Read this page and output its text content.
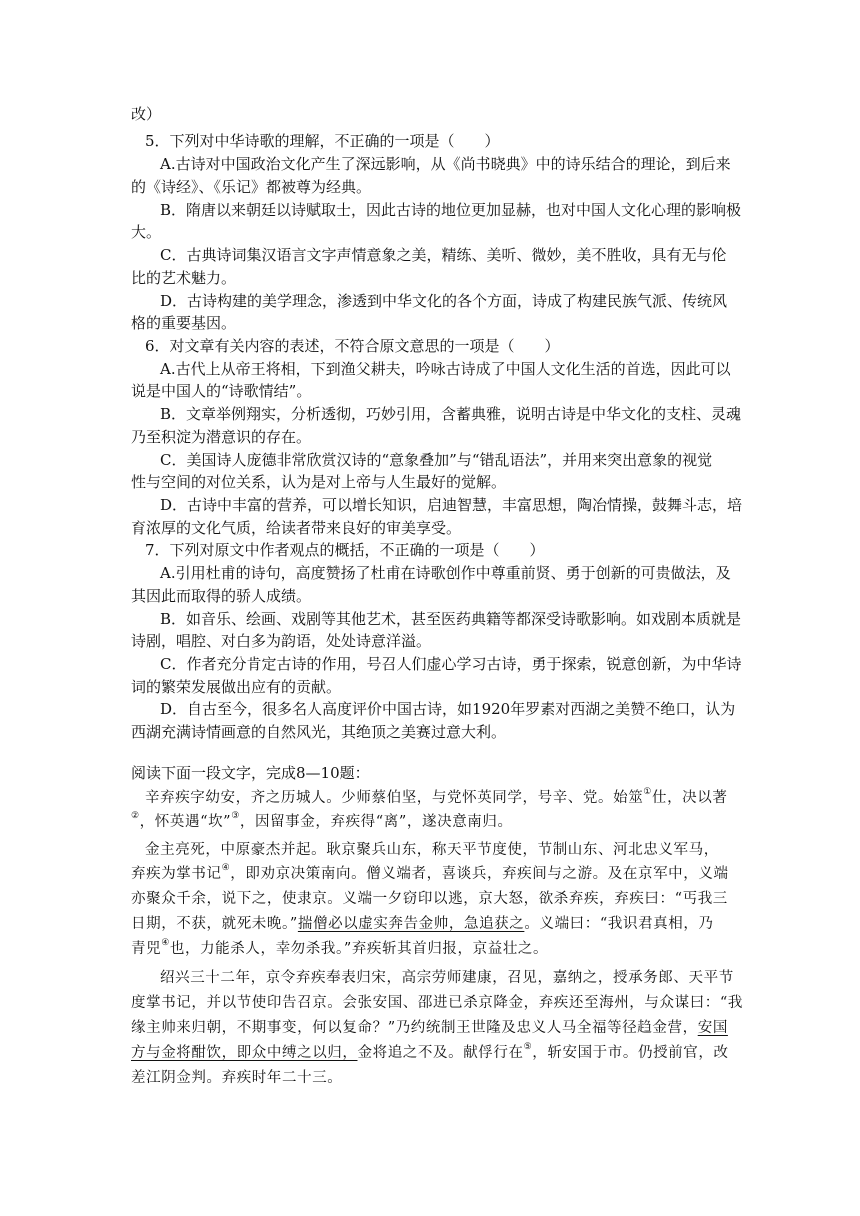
改）
5．下列对中华诗歌的理解，不正确的一项是（　　）
A.古诗对中国政治文化产生了深远影响，从《尚书晓典》中的诗乐结合的理论，到后来
的《诗经》、《乐记》都被尊为经典。
B．隋唐以来朝廷以诗赋取士，因此古诗的地位更加显赫，也对中国人文化心理的影响极
大。
C．古典诗词集汉语言文字声情意象之美，精练、美听、微妙，美不胜收，具有无与伦
比的艺术魅力。
D．古诗构建的美学理念，渗透到中华文化的各个方面，诗成了构建民族气派、传统风
格的重要基因。
6．对文章有关内容的表述，不符合原文意思的一项是（　　）
A.古代上从帝王将相，下到渔父耕夫，吟咏古诗成了中国人文化生活的首选，因此可以
说是中国人的“诗歌情结”。
B．文章举例翔实，分析透彻，巧妙引用，含蓄典雅，说明古诗是中华文化的支柱、灵魂
乃至积淀为潜意识的存在。
C．美国诗人庞德非常欣赏汉诗的“意象叠加”与“错乱语法”，并用来突出意象的视觉
性与空间的对位关系，认为是对上帝与人生最好的觉解。
D．古诗中丰富的营养，可以增长知识，启迪智慧，丰富思想，陶冶情操，鼓舞斗志，培
育浓厚的文化气质，给读者带来良好的审美享受。
7．下列对原文中作者观点的概括，不正确的一项是（　　）
A.引用杜甫的诗句，高度赞扬了杜甫在诗歌创作中尊重前贤、勇于创新的可贵做法，及
其因此而取得的骄人成绩。
B．如音乐、绘画、戏剧等其他艺术，甚至医药典籍等都深受诗歌影响。如戏剧本质就是
诗剧，唱腔、对白多为韵语，处处诗意洋溢。
C．作者充分肯定古诗的作用，号召人们虚心学习古诗，勇于探索，锐意创新，为中华诗
词的繁荣发展做出应有的贡献。
D．自古至今，很多名人高度评价中国古诗，如1920年罗素对西湖之美赞不绝口，认为
西湖充满诗情画意的自然风光，其绝顶之美赛过意大利。
阅读下面一段文字，完成8—10题：
辛弃疾字幼安，齐之历城人。少师蔡伯坚，与党怀英同学，号辛、党。始筮①仕，决以著
②，怀英遇“坎”③，因留事金，弃疾得“离”，遂决意南归。
金主亮死，中原豪杰并起。耿京聚兵山东，称天平节度使，节制山东、河北忠义军马，
弃疾为掌书记④，即劝京决策南向。僧义端者，喜谈兵，弃疾间与之游。及在京军中，义端
亦聚众千余，说下之，使隶京。义端一夕窃印以逃，京大怒，欲杀弃疾，弃疾曰：“丐我三
日期，不获，就死未晚。”揣僧必以虚实奔告金帅，急追获之。义端曰：“我识君真相，乃
青兕④也，力能杀人，幸勿杀我。”弃疾斩其首归报，京益壮之。
绍兴三十二年，京令弃疾奉表归宋，高宗劳师建康，召见，嘉纳之，授承务郎、天平节
度掌书记，并以节使印告召京。会张安国、邵进已杀京降金，弃疾还至海州，与众谋曰：“我
缘主帅来归朝，不期事变，何以复命？”乃约统制王世隆及忠义人马全福等径趋金营，安国
方与金将酣饮，即众中缚之以归，金将追之不及。献俘行在⑤，斩安国于市。仍授前官，改
差江阴佥判。弃疾时年二十三。
